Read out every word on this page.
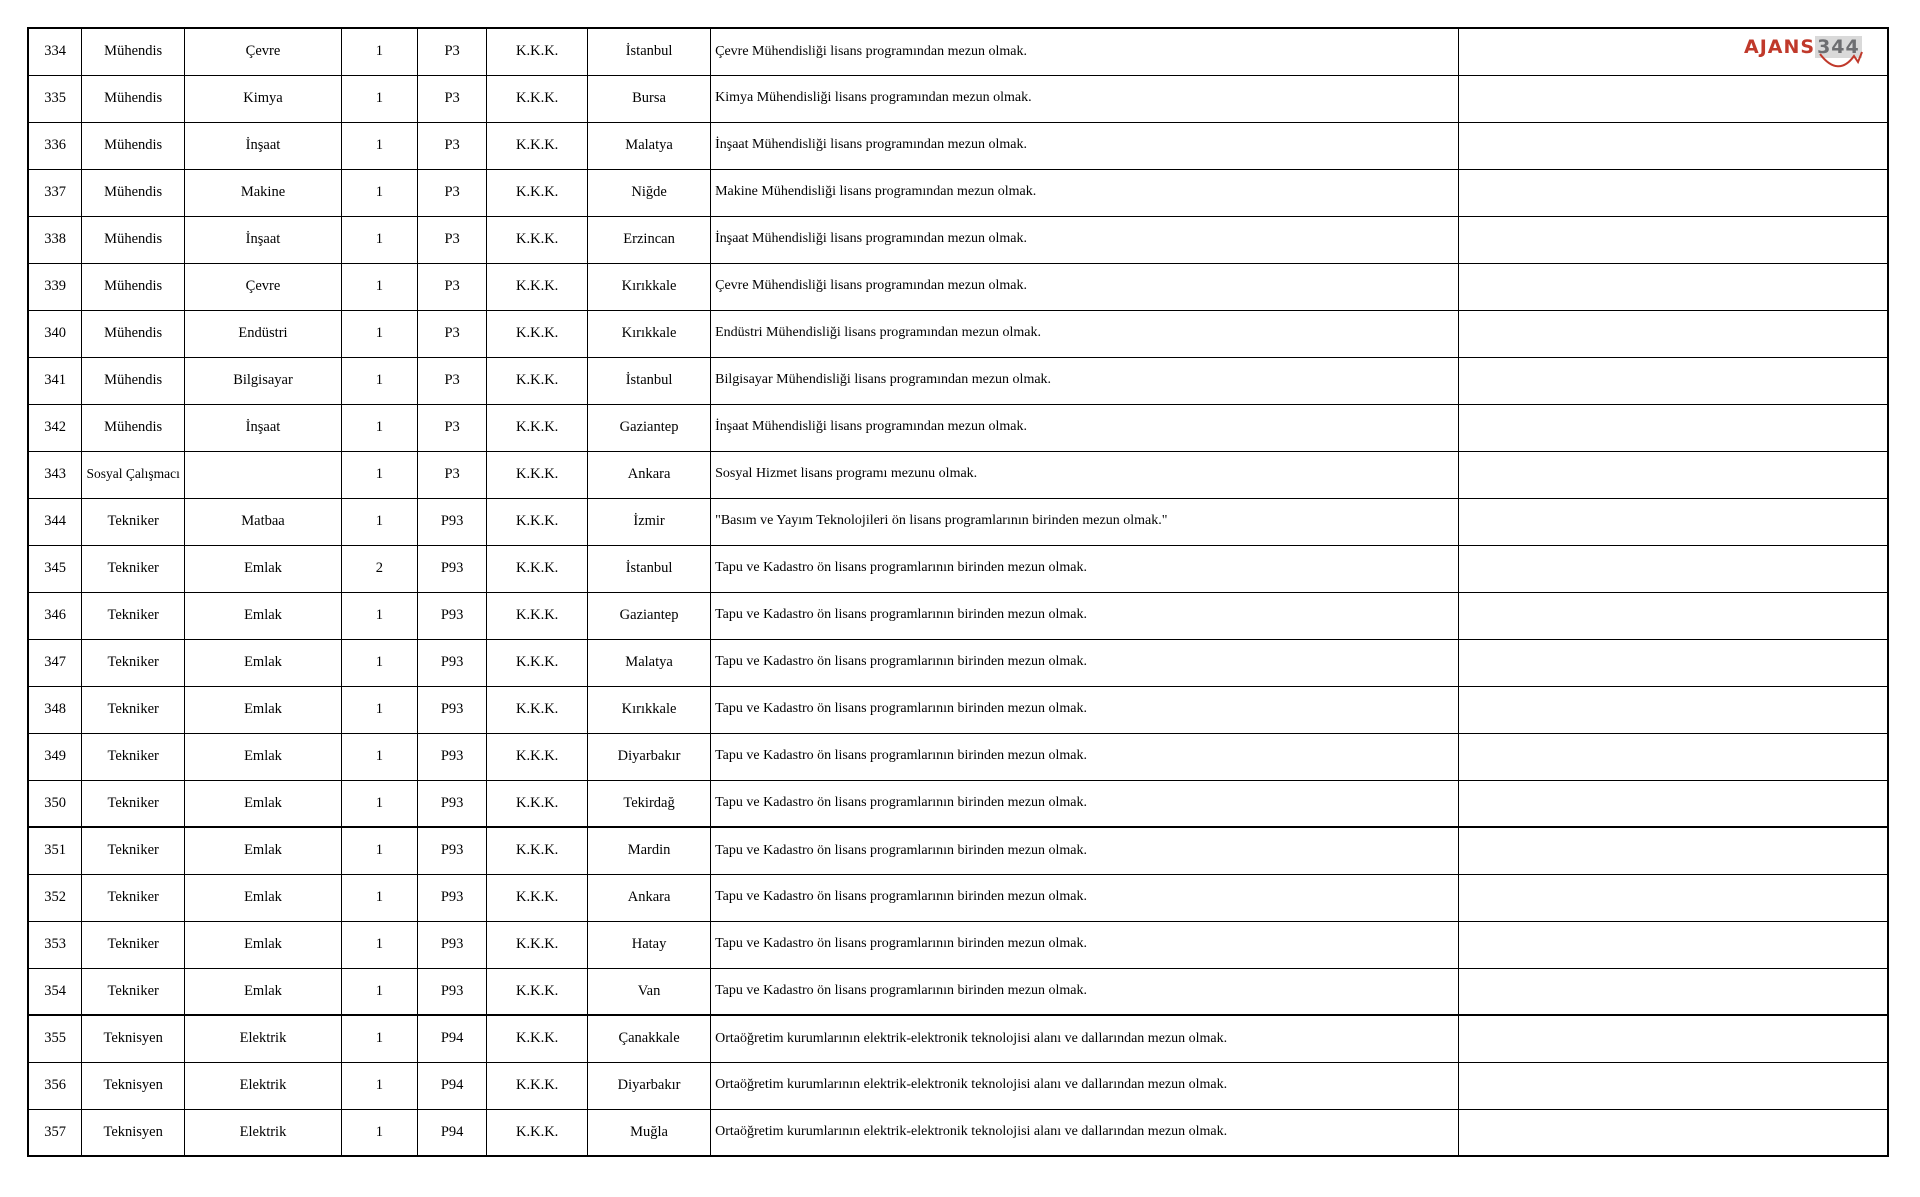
334	Mühendis	Çevre	1	P3	K.K.K.	İstanbul	Çevre Mühendisliği lisans programından mezun olmak.	
335	Mühendis	Kimya	1	P3	K.K.K.	Bursa	Kimya Mühendisliği lisans programından mezun olmak.	
336	Mühendis	İnşaat	1	P3	K.K.K.	Malatya	İnşaat Mühendisliği lisans programından mezun olmak.	
337	Mühendis	Makine	1	P3	K.K.K.	Niğde	Makine Mühendisliği lisans programından mezun olmak.	
338	Mühendis	İnşaat	1	P3	K.K.K.	Erzincan	İnşaat Mühendisliği lisans programından mezun olmak.	
339	Mühendis	Çevre	1	P3	K.K.K.	Kırıkkale	Çevre Mühendisliği lisans programından mezun olmak.	
340	Mühendis	Endüstri	1	P3	K.K.K.	Kırıkkale	Endüstri Mühendisliği lisans programından mezun olmak.	
341	Mühendis	Bilgisayar	1	P3	K.K.K.	İstanbul	Bilgisayar Mühendisliği lisans programından mezun olmak.	
342	Mühendis	İnşaat	1	P3	K.K.K.	Gaziantep	İnşaat Mühendisliği lisans programından mezun olmak.	
343	Sosyal Çalışmacı		1	P3	K.K.K.	Ankara	Sosyal Hizmet lisans programı mezunu olmak.	
344	Tekniker	Matbaa	1	P93	K.K.K.	İzmir	"Basım ve Yayım Teknolojileri ön lisans programlarının birinden mezun olmak."	
345	Tekniker	Emlak	2	P93	K.K.K.	İstanbul	Tapu ve Kadastro ön lisans programlarının birinden mezun olmak.	
346	Tekniker	Emlak	1	P93	K.K.K.	Gaziantep	Tapu ve Kadastro ön lisans programlarının birinden mezun olmak.	
347	Tekniker	Emlak	1	P93	K.K.K.	Malatya	Tapu ve Kadastro ön lisans programlarının birinden mezun olmak.	
348	Tekniker	Emlak	1	P93	K.K.K.	Kırıkkale	Tapu ve Kadastro ön lisans programlarının birinden mezun olmak.	
349	Tekniker	Emlak	1	P93	K.K.K.	Diyarbakır	Tapu ve Kadastro ön lisans programlarının birinden mezun olmak.	
350	Tekniker	Emlak	1	P93	K.K.K.	Tekirdağ	Tapu ve Kadastro ön lisans programlarının birinden mezun olmak.	
351	Tekniker	Emlak	1	P93	K.K.K.	Mardin	Tapu ve Kadastro ön lisans programlarının birinden mezun olmak.	
352	Tekniker	Emlak	1	P93	K.K.K.	Ankara	Tapu ve Kadastro ön lisans programlarının birinden mezun olmak.	
353	Tekniker	Emlak	1	P93	K.K.K.	Hatay	Tapu ve Kadastro ön lisans programlarının birinden mezun olmak.	
354	Tekniker	Emlak	1	P93	K.K.K.	Van	Tapu ve Kadastro ön lisans programlarının birinden mezun olmak.	
355	Teknisyen	Elektrik	1	P94	K.K.K.	Çanakkale	Ortaöğretim kurumlarının elektrik-elektronik teknolojisi alanı ve dallarından mezun olmak.	
356	Teknisyen	Elektrik	1	P94	K.K.K.	Diyarbakır	Ortaöğretim kurumlarının elektrik-elektronik teknolojisi alanı ve dallarından mezun olmak.	
357	Teknisyen	Elektrik	1	P94	K.K.K.	Muğla	Ortaöğretim kurumlarının elektrik-elektronik teknolojisi alanı ve dallarından mezun olmak.	
AJANS 344
